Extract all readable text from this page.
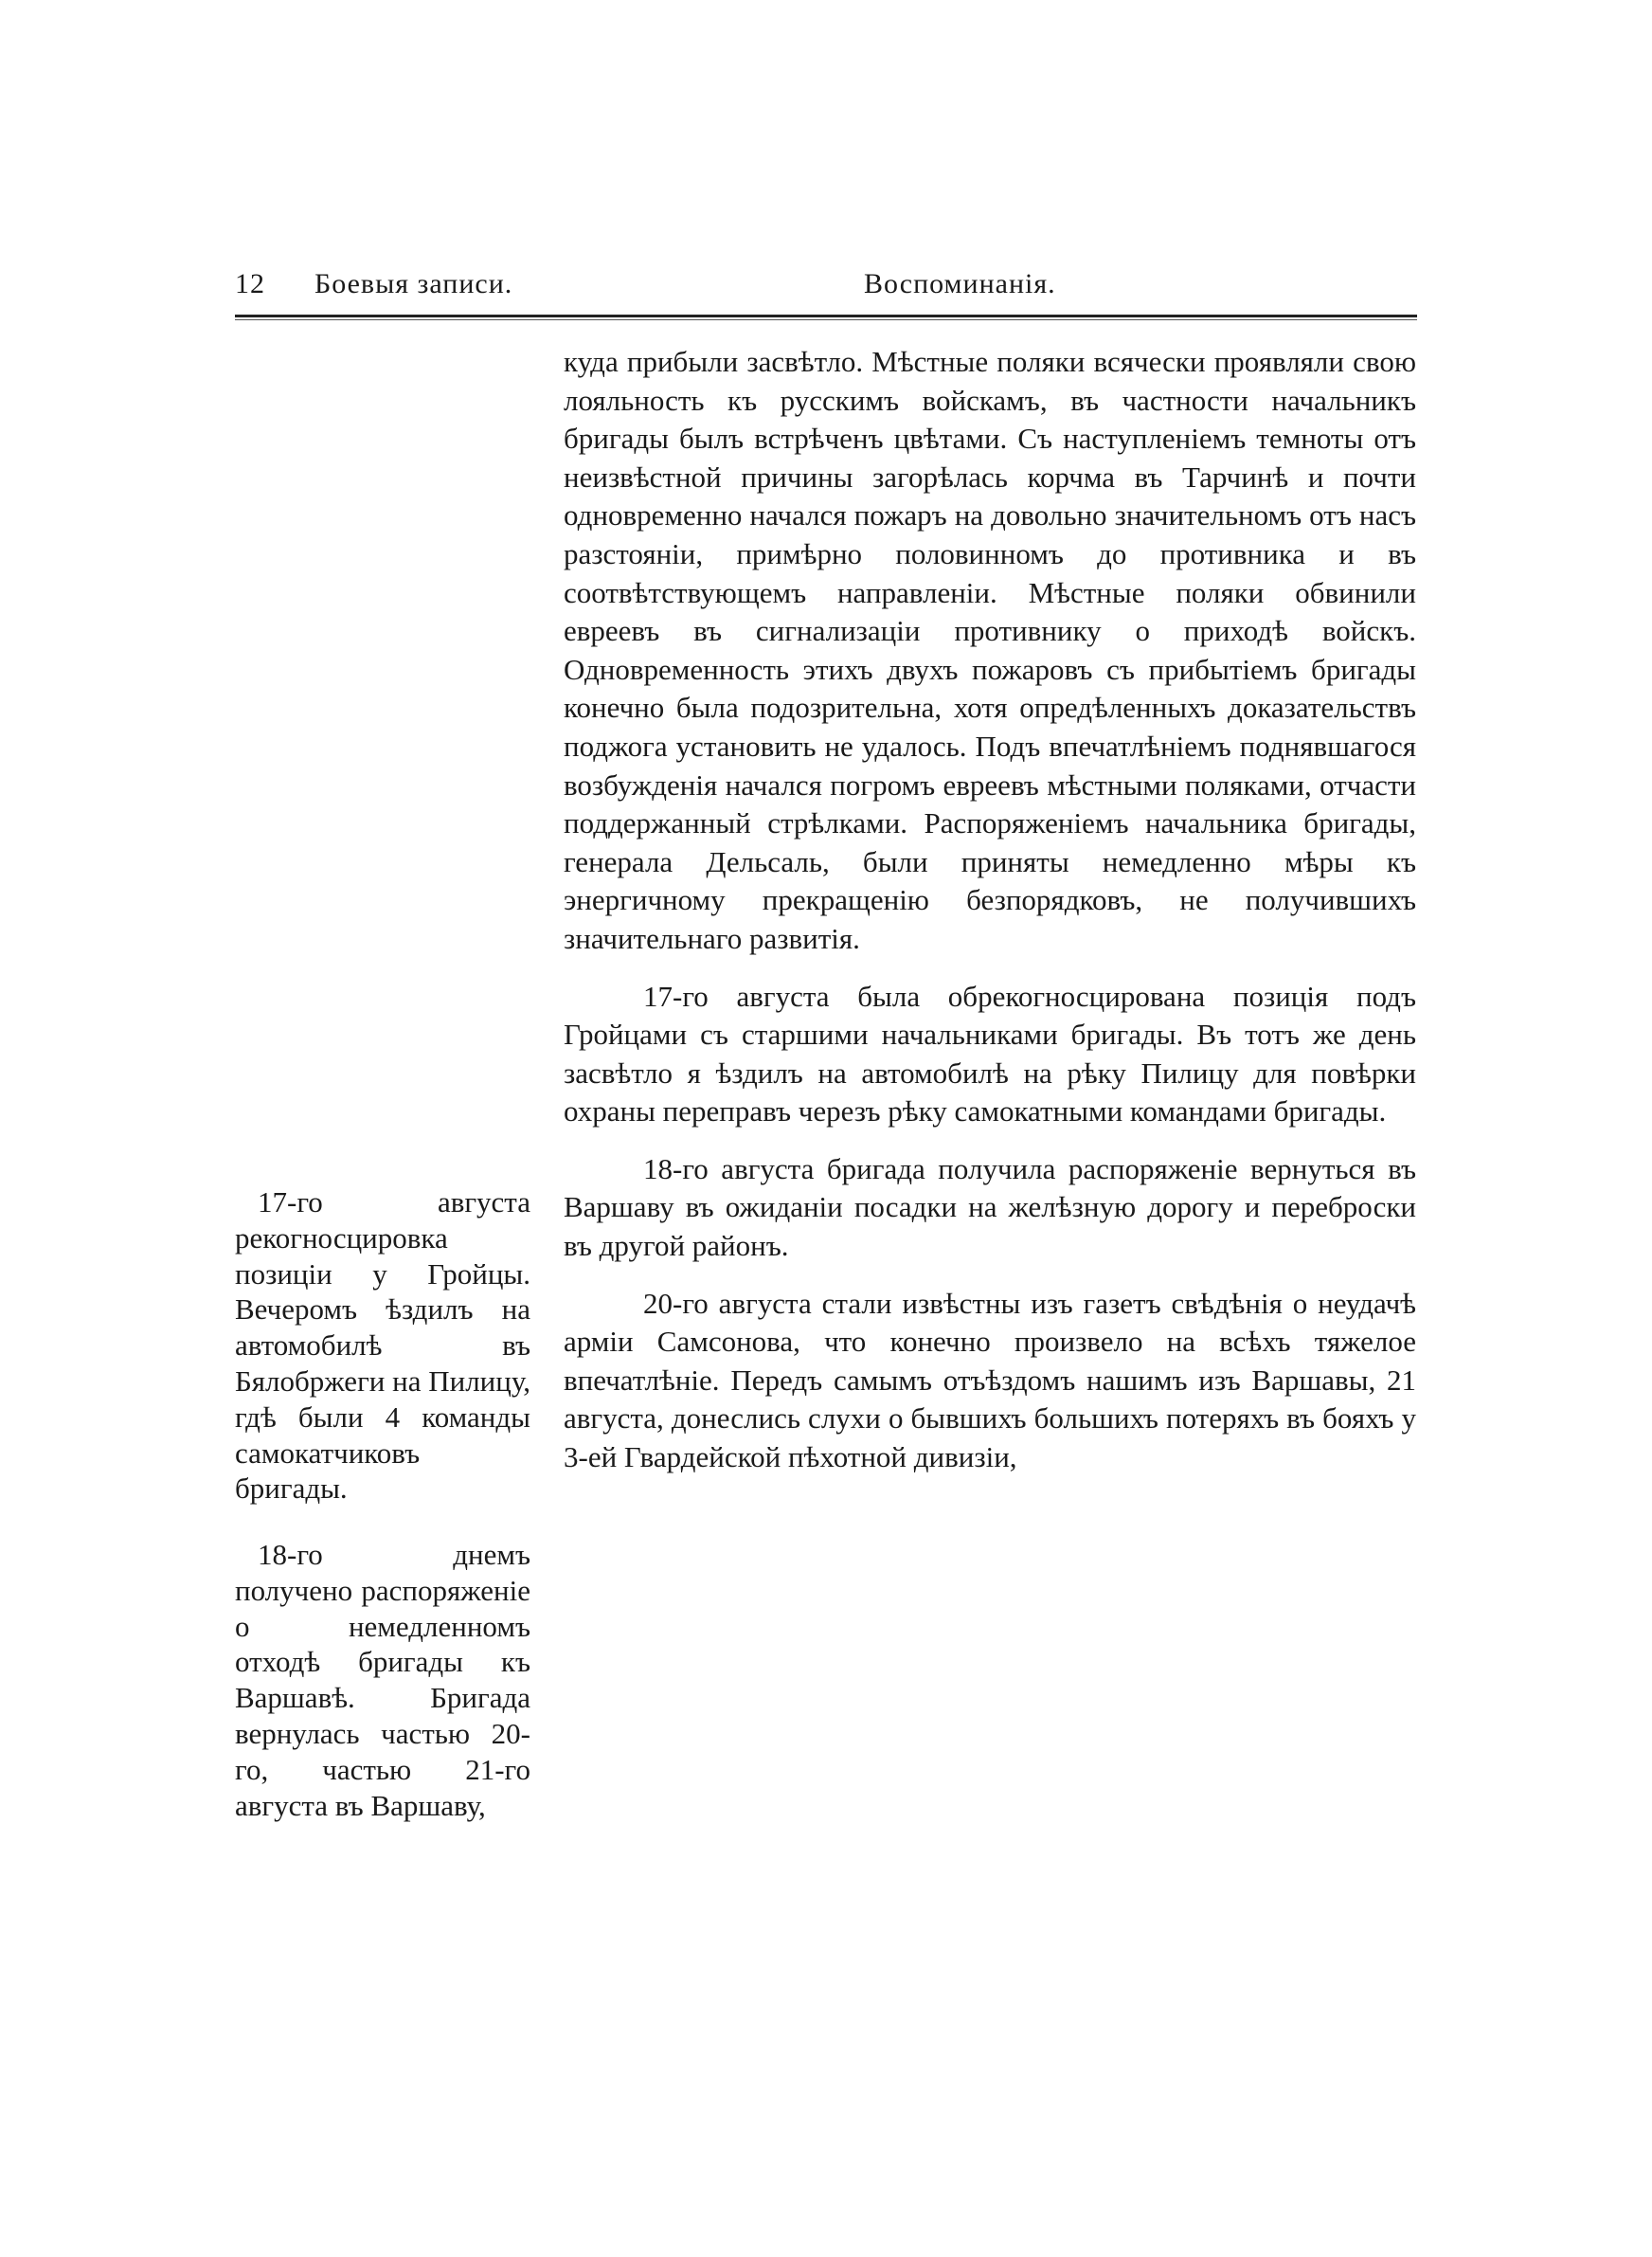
12 Боевыя записи.	Воспоминанія.

куда прибыли засвѣтло. Мѣстные поляки всячески проявляли свою лояльность къ русскимъ войскамъ, въ частности начальникъ бригады былъ встрѣченъ цвѣтами. Съ наступленіемъ темноты отъ неизвѣстной причины загорѣлась корчма въ Тарчинѣ и почти одновременно начался пожаръ на довольно значительномъ отъ насъ разстояніи, примѣрно половинномъ до противника и въ соотвѣтствующемъ направленіи. Мѣстные поляки обвинили евреевъ въ сигнализаціи противнику о приходѣ войскъ. Одновременность этихъ двухъ пожаровъ съ прибытіемъ бригады конечно была подозрительна, хотя опредѣленныхъ доказательствъ поджога установить не удалось. Подъ впечатлѣніемъ поднявшагося возбужденія начался погромъ евреевъ мѣстными поляками, отчасти поддержанный стрѣлками. Распоряженіемъ начальника бригады, генерала Дельсаль, были приняты немедленно мѣры къ энергичному прекращенію безпорядковъ, не получившихъ значительнаго развитія.

17-го августа была обрекогносцирована позиція подъ Гройцами съ старшими начальниками бригады. Въ тотъ же день засвѣтло я ѣздилъ на автомобилѣ на рѣку Пилицу для повѣрки охраны переправъ черезъ рѣку самокатными командами бригады.

18-го августа бригада получила распоряженіе вернуться въ Варшаву въ ожиданіи посадки на желѣзную дорогу и переброски въ другой районъ.

20-го августа стали извѣстны изъ газетъ свѣдѣнія о неудачѣ арміи Самсонова, что конечно произвело на всѣхъ тяжелое впечатлѣніе. Передъ самымъ отъѣздомъ нашимъ изъ Варшавы, 21 августа, донеслись слухи о бывшихъ большихъ потеряхъ въ бояхъ у 3-ей Гвардейской пѣхотной дивизіи,

17-го августа рекогносцировка позиціи у Гройцы. Вечеромъ ѣздилъ на автомобилѣ въ Бялобржеги на Пилицу, гдѣ были 4 команды самокатчиковъ бригады.

18-го днемъ получено распоряженіе о немедленномъ отходѣ бригады къ Варшавѣ. Бригада вернулась частью 20-го, частью 21-го августа въ Варшаву,
